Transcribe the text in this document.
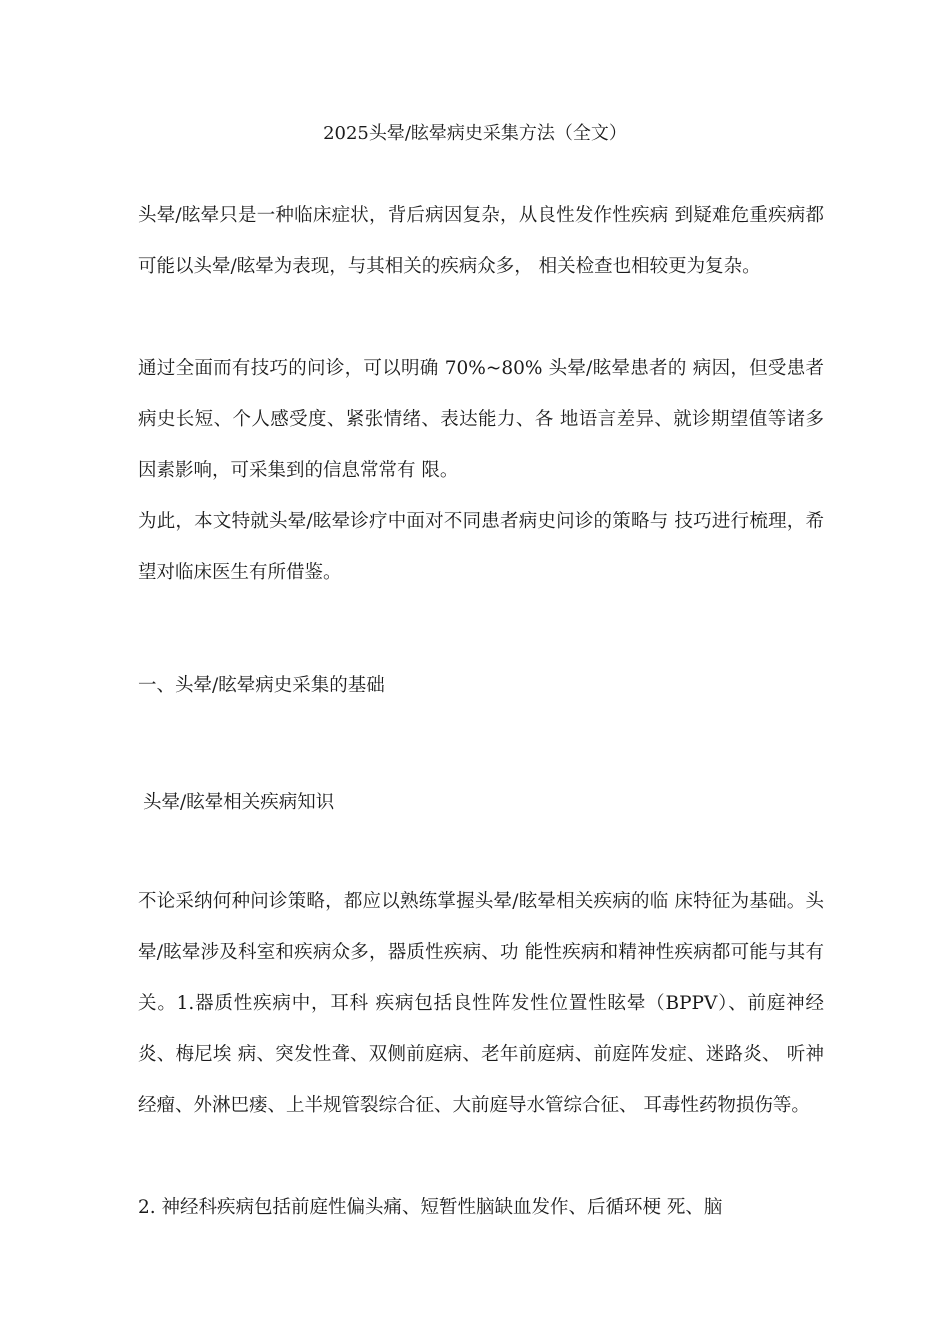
2025头晕/眩晕病史采集方法（全文）

头晕/眩晕只是一种临床症状，背后病因复杂，从良性发作性疾病 到疑难危重疾病都可能以头晕/眩晕为表现，与其相关的疾病众多， 相关检查也相较更为复杂。

通过全面而有技巧的问诊，可以明确 70%~80% 头晕/眩晕患者的 病因，但受患者病史长短、个人感受度、紧张情绪、表达能力、各 地语言差异、就诊期望值等诸多因素影响，可采集到的信息常常有 限。

为此，本文特就头晕/眩晕诊疗中面对不同患者病史问诊的策略与 技巧进行梳理，希望对临床医生有所借鉴。

一、头晕/眩晕病史采集的基础
头晕/眩晕相关疾病知识

不论采纳何种问诊策略，都应以熟练掌握头晕/眩晕相关疾病的临 床特征为基础。头晕/眩晕涉及科室和疾病众多，器质性疾病、功 能性疾病和精神性疾病都可能与其有关。1.器质性疾病中，耳科 疾病包括良性阵发性位置性眩晕（BPPV）、前庭神经炎、梅尼埃 病、突发性聋、双侧前庭病、老年前庭病、前庭阵发症、迷路炎、 听神经瘤、外淋巴瘘、上半规管裂综合征、大前庭导水管综合征、 耳毒性药物损伤等。

2. 神经科疾病包括前庭性偏头痛、短暂性脑缺血发作、后循环梗 死、脑
